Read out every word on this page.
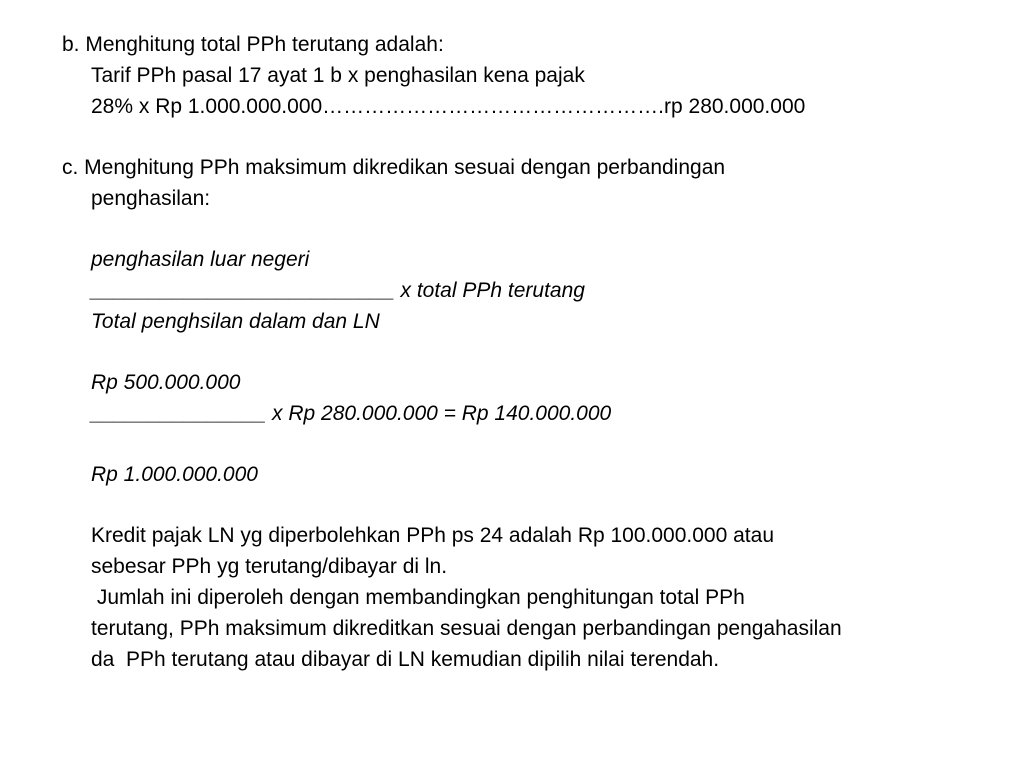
b. Menghitung total PPh terutang adalah:
Tarif PPh pasal 17 ayat 1 b x penghasilan kena pajak
28% x Rp 1.000.000.000………………………………………….rp 280.000.000
c. Menghitung PPh maksimum dikredikan sesuai dengan perbandingan
penghasilan:
penghasilan luar negeri
__________________________ x total PPh terutang
Total penghsilan dalam dan LN
Rp 500.000.000
_______________ x Rp 280.000.000 = Rp 140.000.000
Rp 1.000.000.000
Kredit pajak LN yg diperbolehkan PPh ps 24 adalah Rp 100.000.000 atau
sebesar PPh yg terutang/dibayar di ln.
Jumlah ini diperoleh dengan membandingkan penghitungan total PPh
terutang, PPh maksimum dikreditkan sesuai dengan perbandingan pengahasilan
da  PPh terutang atau dibayar di LN kemudian dipilih nilai terendah.
